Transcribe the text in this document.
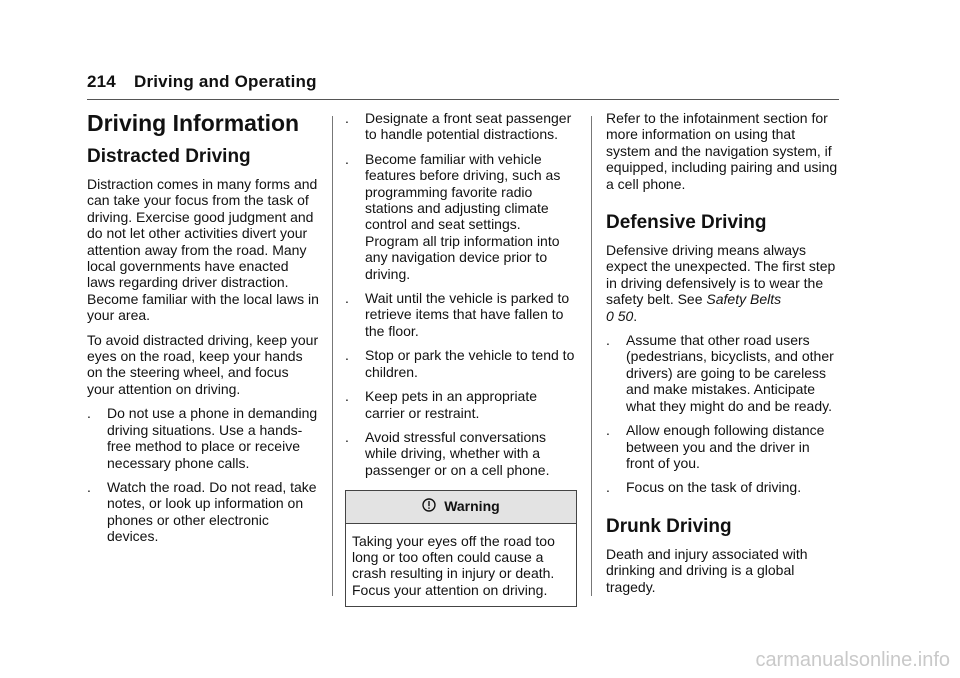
214 Driving and Operating
Driving Information
Distracted Driving

Distraction comes in many forms and can take your focus from the task of driving. Exercise good judgment and do not let other activities divert your attention away from the road. Many local governments have enacted laws regarding driver distraction. Become familiar with the local laws in your area.

To avoid distracted driving, keep your eyes on the road, keep your hands on the steering wheel, and focus your attention on driving.

. Do not use a phone in demanding driving situations. Use a hands-free method to place or receive necessary phone calls.
. Watch the road. Do not read, take notes, or look up information on phones or other electronic devices.
. Designate a front seat passenger to handle potential distractions.
. Become familiar with vehicle features before driving, such as programming favorite radio stations and adjusting climate control and seat settings. Program all trip information into any navigation device prior to driving.
. Wait until the vehicle is parked to retrieve items that have fallen to the floor.
. Stop or park the vehicle to tend to children.
. Keep pets in an appropriate carrier or restraint.
. Avoid stressful conversations while driving, whether with a passenger or on a cell phone.
Warning
Taking your eyes off the road too long or too often could cause a crash resulting in injury or death. Focus your attention on driving.

Refer to the infotainment section for more information on using that system and the navigation system, if equipped, including pairing and using a cell phone.

Defensive Driving

Defensive driving means always expect the unexpected. The first step in driving defensively is to wear the safety belt. See Safety Belts
0 50.

. Assume that other road users (pedestrians, bicyclists, and other drivers) are going to be careless and make mistakes. Anticipate what they might do and be ready.
. Allow enough following distance between you and the driver in front of you.
. Focus on the task of driving.
Drunk Driving

Death and injury associated with drinking and driving is a global tragedy.

carmanualsonline.info
